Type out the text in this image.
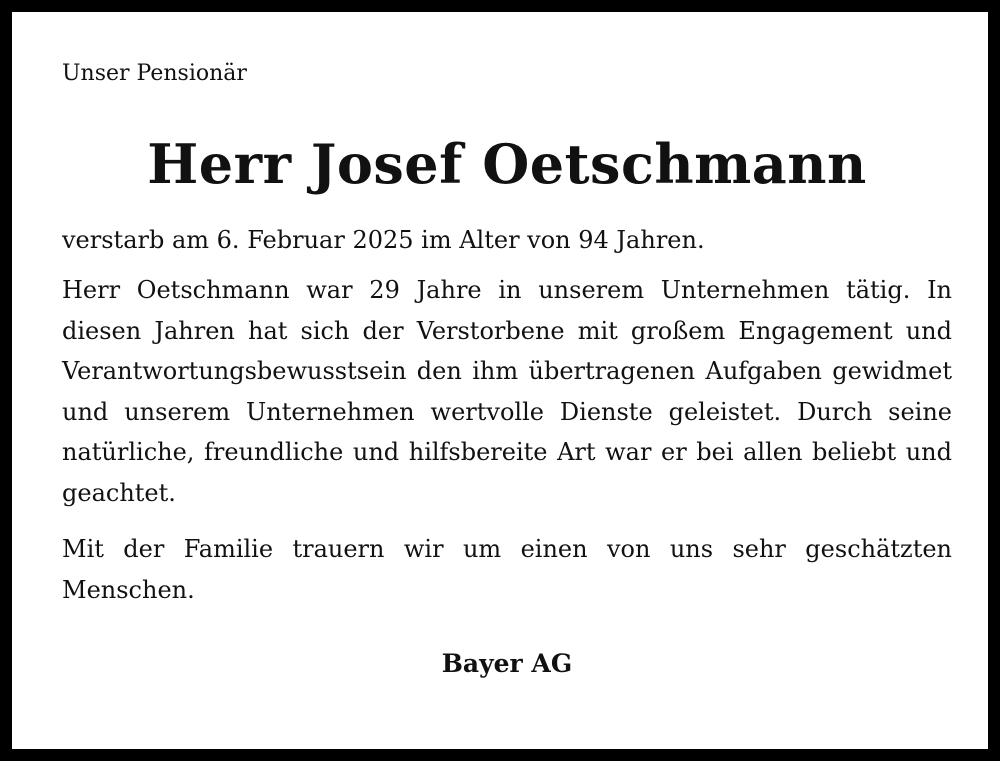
Unser Pensionär

Herr Josef Oetschmann

verstarb am 6. Februar 2025 im Alter von 94 Jahren.

Herr Oetschmann war 29 Jahre in unserem Unternehmen tätig. In diesen Jahren hat sich der Verstorbene mit großem Engagement und Verantwortungsbewusstsein den ihm übertragenen Aufgaben gewidmet und unserem Unternehmen wertvolle Dienste geleistet. Durch seine natürliche, freundliche und hilfsbereite Art war er bei allen beliebt und geachtet.

Mit der Familie trauern wir um einen von uns sehr geschätzten Menschen.

Bayer AG
